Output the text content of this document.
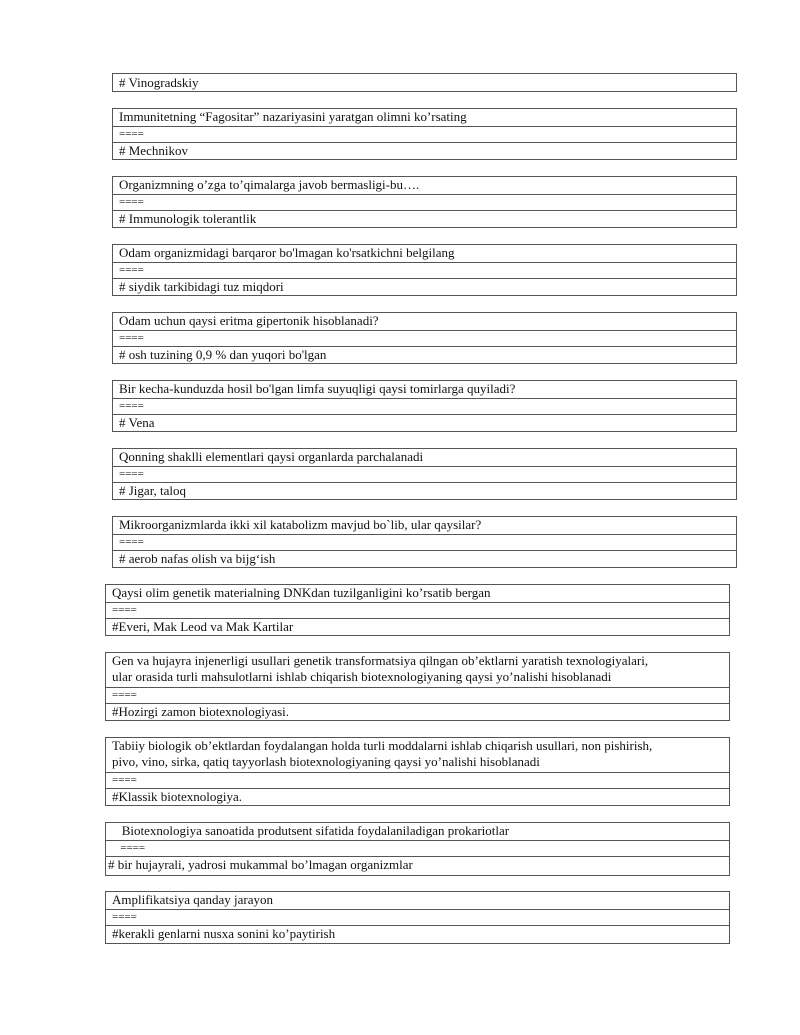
# Vinogradskiy
Immunitetning “Fagositar” nazariyasini yaratgan olimni ko’rsating
====
# Mechnikov
Organizmning o’zga to’qimalarga javob bermasligi-bu….
====
# Immunologik tolerantlik
Odam organizmidagi barqaror bo'lmagan ko'rsatkichni belgilang
====
# siydik tarkibidagi tuz miqdori
Odam uchun qaysi eritma gipertonik hisoblanadi?
====
# osh tuzining 0,9 % dan yuqori bo'lgan
Bir kecha-kunduzda hosil bo'lgan limfa suyuqligi qaysi tomirlarga quyiladi?
====
# Vena
Qonning shaklli elementlari qaysi organlarda parchalanadi
====
# Jigar, taloq
Mikroorganizmlarda ikki xil katabolizm mavjud bo`lib, ular qaysilar?
====
# aerob nafas olish va bijg‘ish
Qaysi olim genetik materialning DNKdan tuzilganligini ko’rsatib bergan
====
#Everi, Mak Leod va Mak Kartilar
Gen va hujayra injenerligi usullari genetik transformatsiya qilngan ob’ektlarni yaratish texnologiyalari,
ular orasida turli mahsulotlarni ishlab chiqarish biotexnologiyaning qaysi yo’nalishi hisoblanadi
====
#Hozirgi zamon biotexnologiyasi.
Tabiiy biologik ob’ektlardan foydalangan holda turli moddalarni ishlab chiqarish usullari, non pishirish,
pivo, vino, sirka, qatiq tayyorlash biotexnologiyaning qaysi yo’nalishi hisoblanadi
====
#Klassik biotexnologiya.
Biotexnologiya sanoatida produtsent sifatida foydalaniladigan prokariotlar
====
# bir hujayrali, yadrosi mukammal bo’lmagan organizmlar
Amplifikatsiya qanday jarayon
====
#kerakli genlarni nusxa sonini ko’paytirish
